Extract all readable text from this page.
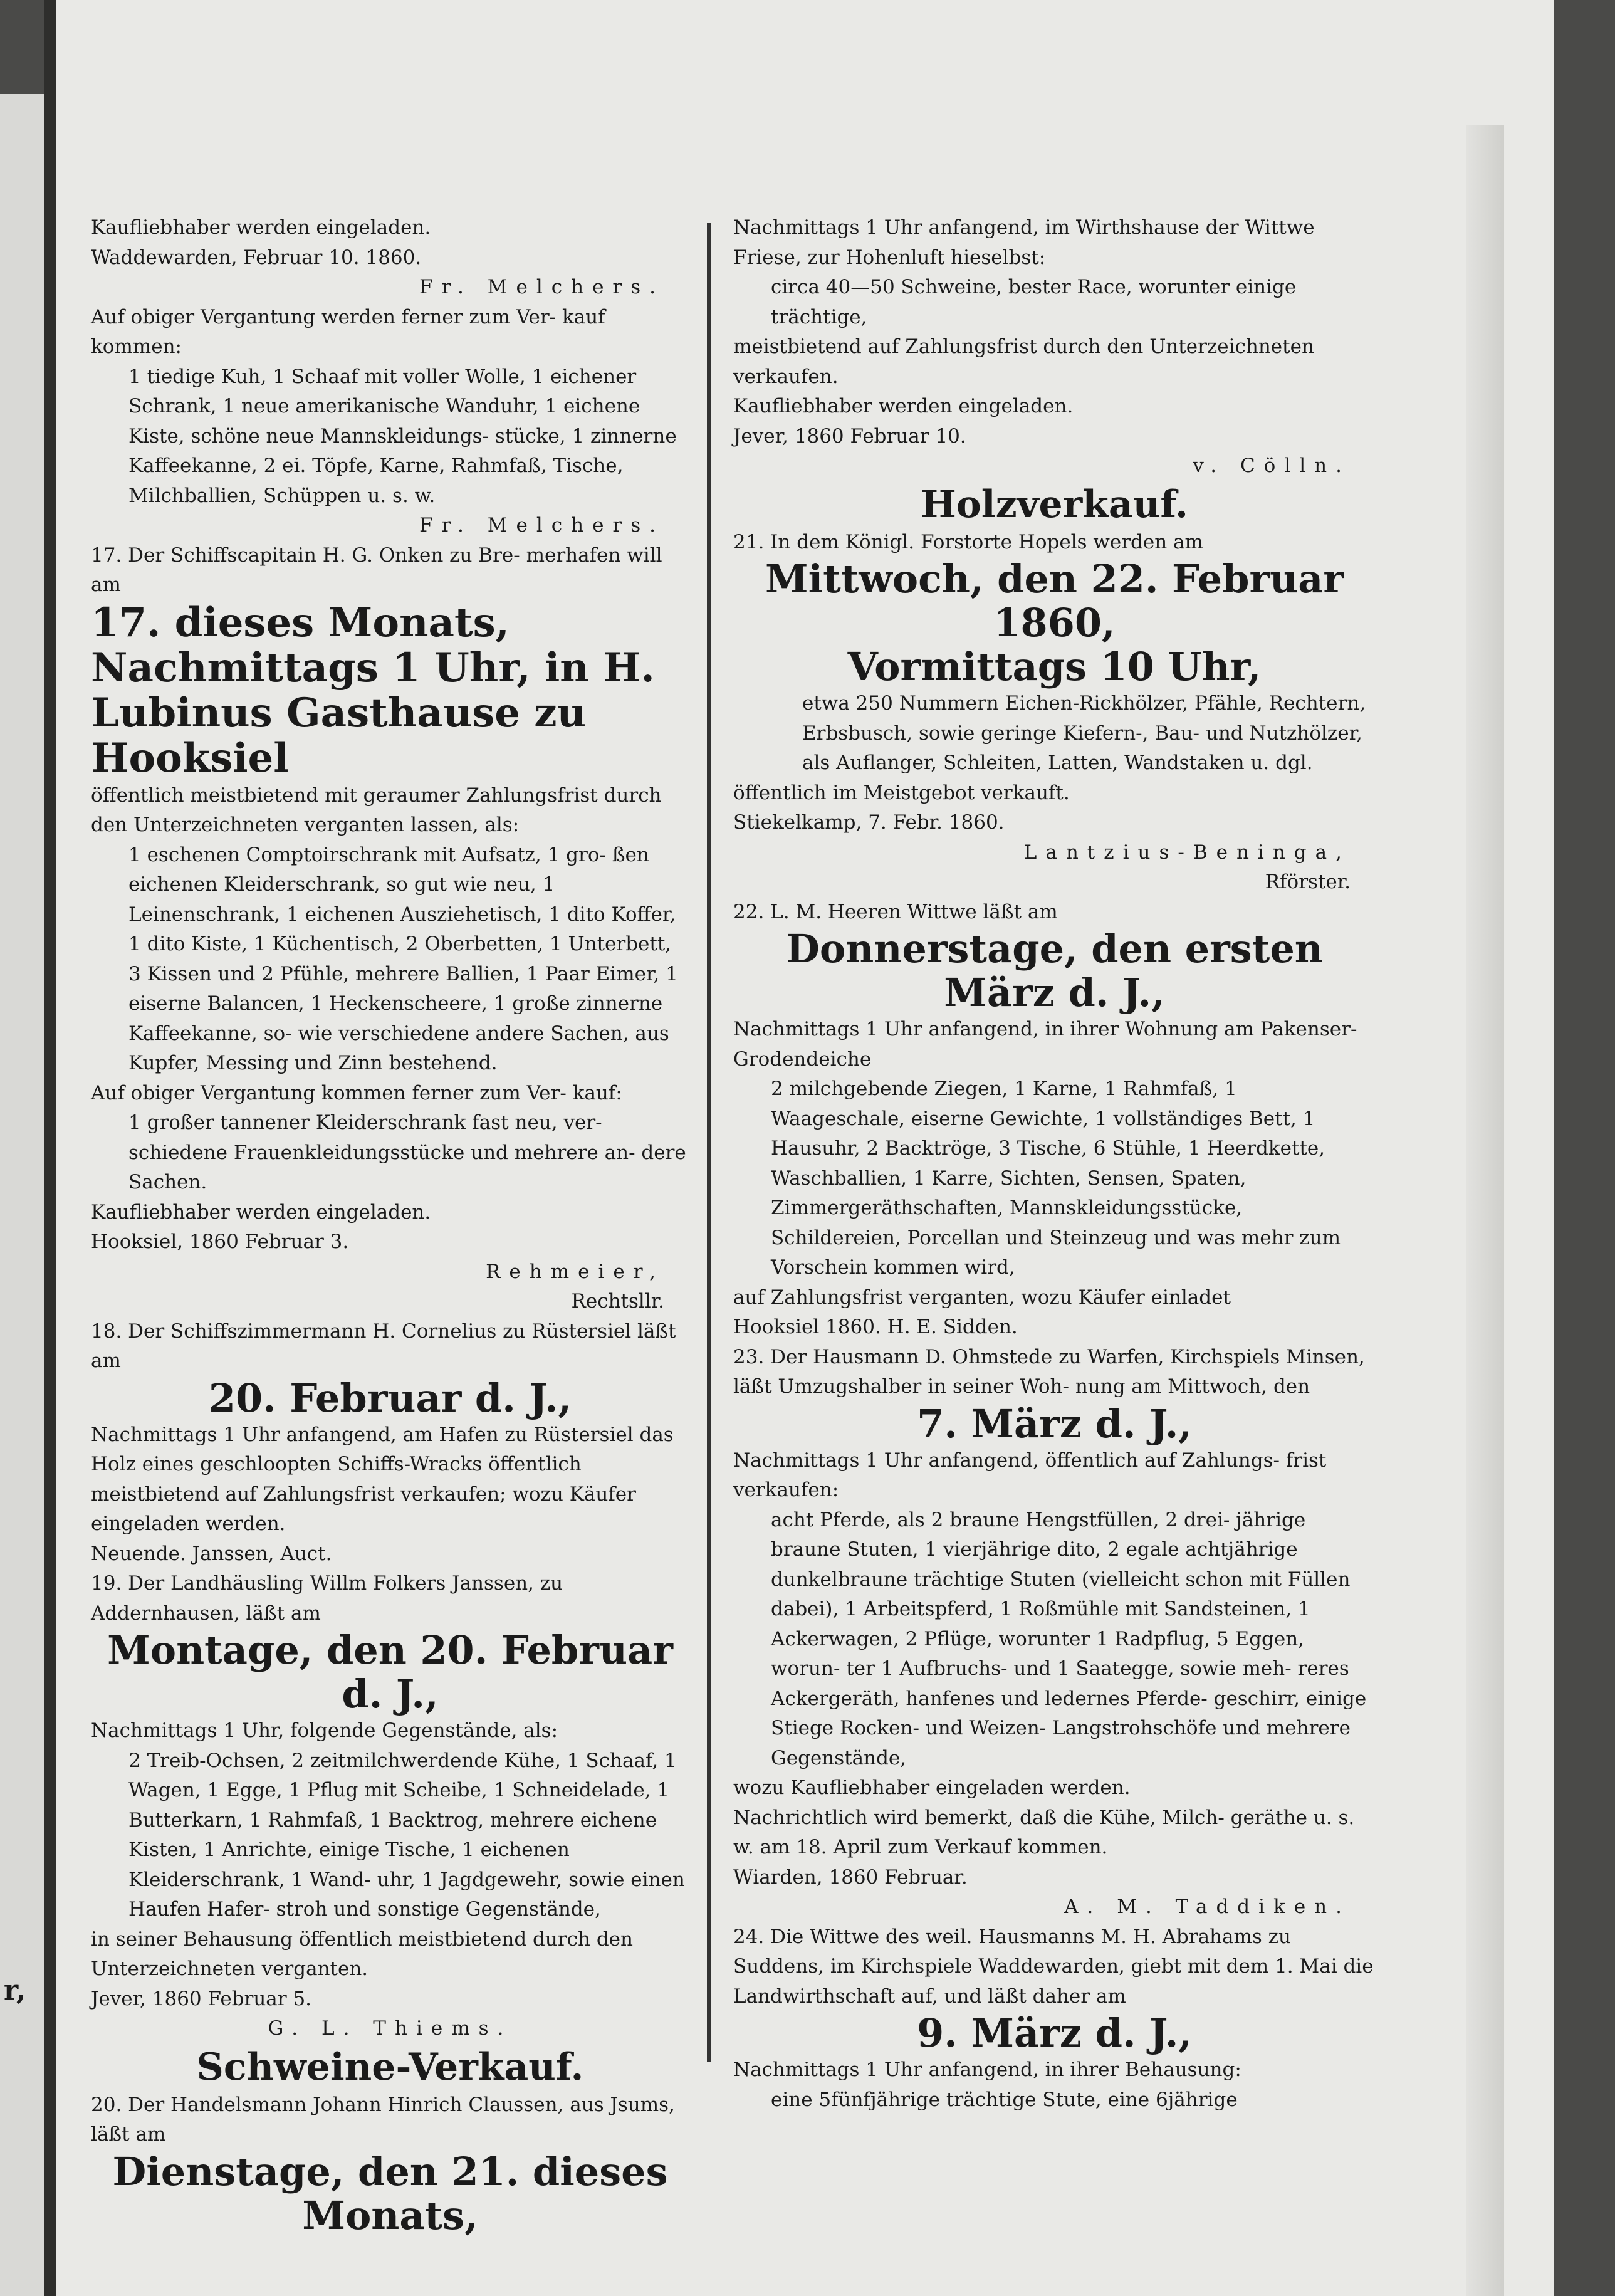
r,

Kaufliebhaber werden eingeladen.

Waddewarden, Februar 10. 1860.

Fr. Melchers.

Auf obiger Vergantung werden ferner zum Ver- kauf kommen:

1 tiedige Kuh, 1 Schaaf mit voller Wolle, 1 eichener Schrank, 1 neue amerikanische Wanduhr, 1 eichene Kiste, schöne neue Mannskleidungs- stücke, 1 zinnerne Kaffeekanne, 2 ei. Töpfe, Karne, Rahmfaß, Tische, Milchballien, Schüppen u. s. w.

Fr. Melchers.

17. Der Schiffscapitain H. G. Onken zu Bre- merhafen will am

17. dieses Monats, Nachmittags 1 Uhr, in H. Lubinus Gasthause zu Hooksiel

öffentlich meistbietend mit geraumer Zahlungsfrist durch den Unterzeichneten verganten lassen, als:

1 eschenen Comptoirschrank mit Aufsatz, 1 gro- ßen eichenen Kleiderschrank, so gut wie neu, 1 Leinenschrank, 1 eichenen Ausziehetisch, 1 dito Koffer, 1 dito Kiste, 1 Küchentisch, 2 Oberbetten, 1 Unterbett, 3 Kissen und 2 Pfühle, mehrere Ballien, 1 Paar Eimer, 1 eiserne Balancen, 1 Heckenscheere, 1 große zinnerne Kaffeekanne, so- wie verschiedene andere Sachen, aus Kupfer, Messing und Zinn bestehend.

Auf obiger Vergantung kommen ferner zum Ver- kauf:

1 großer tannener Kleiderschrank fast neu, ver- schiedene Frauenkleidungsstücke und mehrere an- dere Sachen.

Kaufliebhaber werden eingeladen.

Hooksiel, 1860 Februar 3.

Rehmeier,

Rechtsllr.

18. Der Schiffszimmermann H. Cornelius zu Rüstersiel läßt am

20. Februar d. J.,

Nachmittags 1 Uhr anfangend, am Hafen zu Rüstersiel das Holz eines geschloopten Schiffs-Wracks öffentlich meistbietend auf Zahlungsfrist verkaufen; wozu Käufer eingeladen werden.

Neuende. Janssen, Auct.

19. Der Landhäusling Willm Folkers Janssen, zu Addernhausen, läßt am

Montage, den 20. Februar d. J.,

Nachmittags 1 Uhr, folgende Gegenstände, als:

2 Treib-Ochsen, 2 zeitmilchwerdende Kühe, 1 Schaaf, 1 Wagen, 1 Egge, 1 Pflug mit Scheibe, 1 Schneidelade, 1 Butterkarn, 1 Rahmfaß, 1 Backtrog, mehrere eichene Kisten, 1 Anrichte, einige Tische, 1 eichenen Kleiderschrank, 1 Wand- uhr, 1 Jagdgewehr, sowie einen Haufen Hafer- stroh und sonstige Gegenstände,

in seiner Behausung öffentlich meistbietend durch den Unterzeichneten verganten.

Jever, 1860 Februar 5.

G. L. Thiems.

Schweine-Verkauf.

20. Der Handelsmann Johann Hinrich Claussen, aus Jsums, läßt am

Dienstage, den 21. dieses Monats,

Nachmittags 1 Uhr anfangend, im Wirthshause der Wittwe Friese, zur Hohenluft hieselbst:

circa 40—50 Schweine, bester Race, worunter einige trächtige,

meistbietend auf Zahlungsfrist durch den Unterzeichneten verkaufen.

Kaufliebhaber werden eingeladen.

Jever, 1860 Februar 10.

v. Cölln.

Holzverkauf.

21. In dem Königl. Forstorte Hopels werden am

Mittwoch, den 22. Februar 1860,

Vormittags 10 Uhr,

etwa 250 Nummern Eichen-Rickhölzer, Pfähle, Rechtern, Erbsbusch, sowie geringe Kiefern-, Bau- und Nutzhölzer, als Auflanger, Schleiten, Latten, Wandstaken u. dgl.

öffentlich im Meistgebot verkauft.

Stiekelkamp, 7. Febr. 1860.

Lantzius-Beninga,

Rförster.

22. L. M. Heeren Wittwe läßt am

Donnerstage, den ersten März d. J.,

Nachmittags 1 Uhr anfangend, in ihrer Wohnung am Pakenser-Grodendeiche

2 milchgebende Ziegen, 1 Karne, 1 Rahmfaß, 1 Waageschale, eiserne Gewichte, 1 vollständiges Bett, 1 Hausuhr, 2 Backtröge, 3 Tische, 6 Stühle, 1 Heerdkette, Waschballien, 1 Karre, Sichten, Sensen, Spaten, Zimmergeräthschaften, Mannskleidungsstücke, Schildereien, Porcellan und Steinzeug und was mehr zum Vorschein kommen wird,

auf Zahlungsfrist verganten, wozu Käufer einladet

Hooksiel 1860. H. E. Sidden.

23. Der Hausmann D. Ohmstede zu Warfen, Kirchspiels Minsen, läßt Umzugshalber in seiner Woh- nung am Mittwoch, den

7. März d. J.,

Nachmittags 1 Uhr anfangend, öffentlich auf Zahlungs- frist verkaufen:

acht Pferde, als 2 braune Hengstfüllen, 2 drei- jährige braune Stuten, 1 vierjährige dito, 2 egale achtjährige dunkelbraune trächtige Stuten (vielleicht schon mit Füllen dabei), 1 Arbeitspferd, 1 Roßmühle mit Sandsteinen, 1 Ackerwagen, 2 Pflüge, worunter 1 Radpflug, 5 Eggen, worun- ter 1 Aufbruchs- und 1 Saategge, sowie meh- reres Ackergeräth, hanfenes und ledernes Pferde- geschirr, einige Stiege Rocken- und Weizen- Langstrohschöfe und mehrere Gegenstände,

wozu Kaufliebhaber eingeladen werden.

Nachrichtlich wird bemerkt, daß die Kühe, Milch- geräthe u. s. w. am 18. April zum Verkauf kommen.

Wiarden, 1860 Februar.

A. M. Taddiken.

24. Die Wittwe des weil. Hausmanns M. H. Abrahams zu Suddens, im Kirchspiele Waddewarden, giebt mit dem 1. Mai die Landwirthschaft auf, und läßt daher am

9. März d. J.,

Nachmittags 1 Uhr anfangend, in ihrer Behausung:

eine 5fünfjährige trächtige Stute, eine 6jährige
